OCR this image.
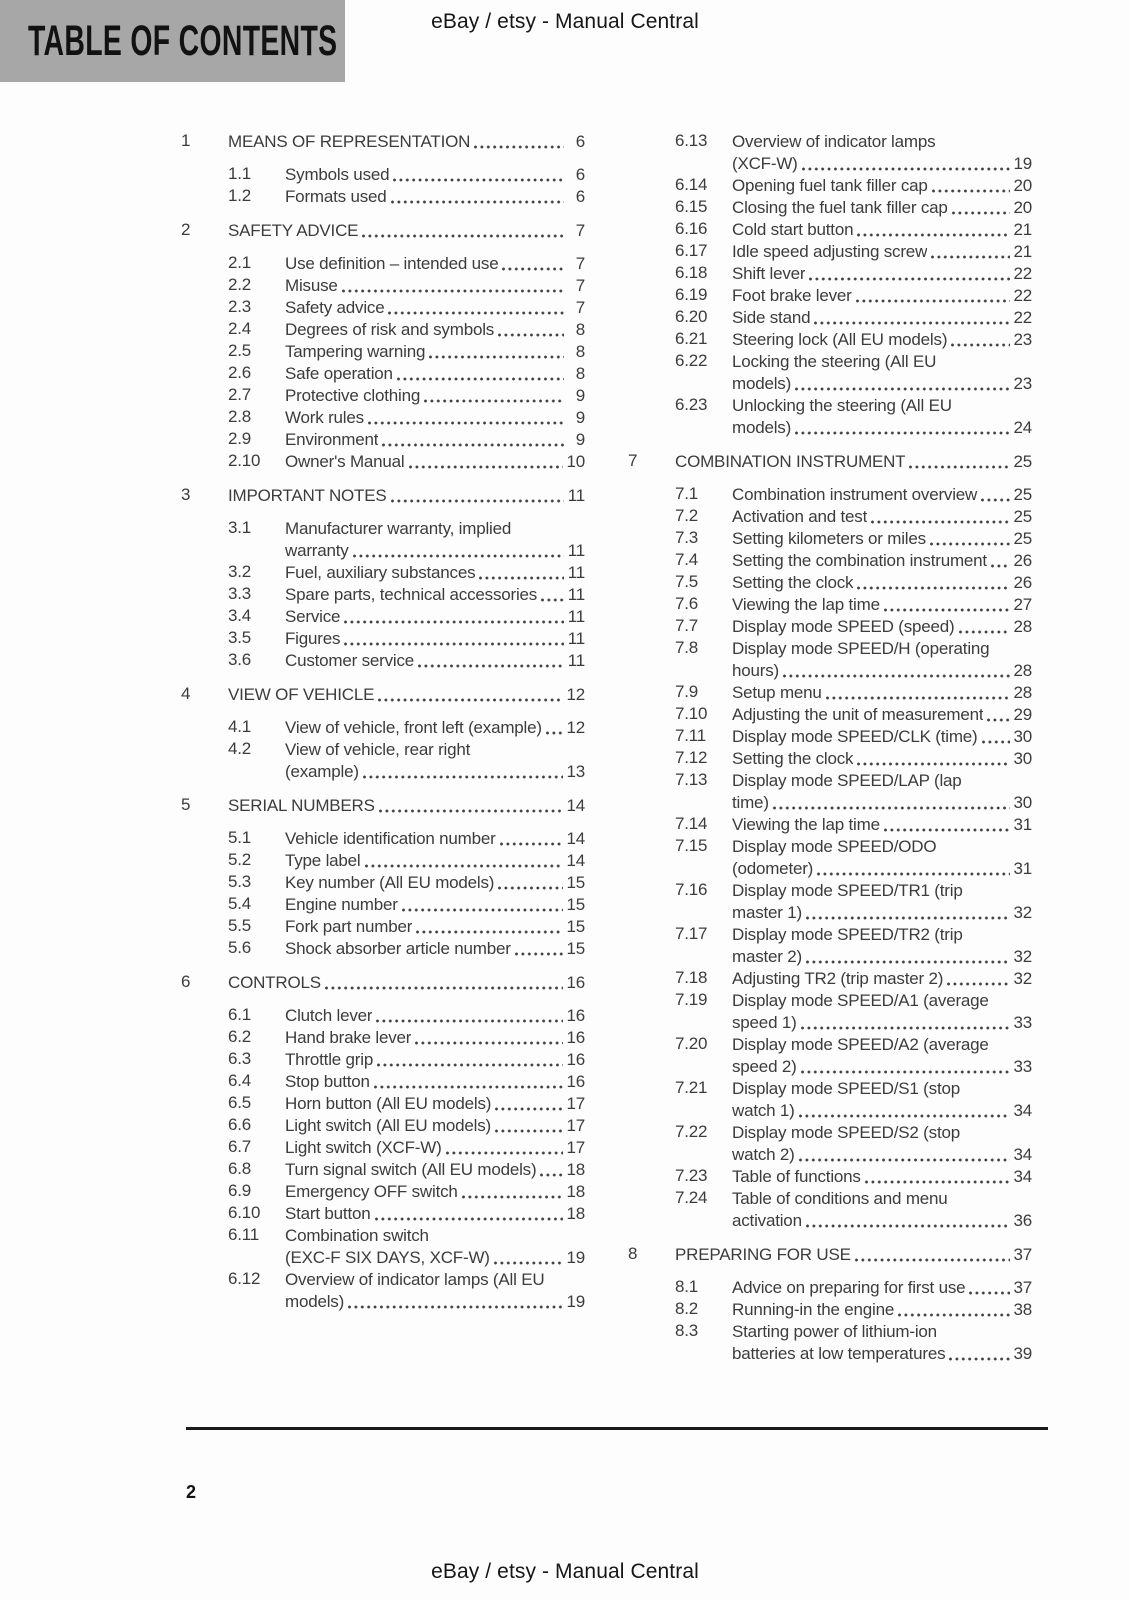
TABLE OF CONTENTS	eBay / etsy - Manual Central
1	MEANS OF REPRESENTATION	6
1.1	Symbols used	6
1.2	Formats used	6
2	SAFETY ADVICE	7
2.1	Use definition – intended use	7
2.2	Misuse	7
2.3	Safety advice	7
2.4	Degrees of risk and symbols	8
2.5	Tampering warning	8
2.6	Safe operation	8
2.7	Protective clothing	9
2.8	Work rules	9
2.9	Environment	9
2.10	Owner's Manual	10
3	IMPORTANT NOTES	11
3.1	Manufacturer warranty, implied
warranty	11
3.2	Fuel, auxiliary substances	11
3.3	Spare parts, technical accessories 11
3.4	Service	11
3.5	Figures	11
3.6	Customer service	11
4	VIEW OF VEHICLE	12
4.1	View of vehicle, front left (example) 12
4.2	View of vehicle, rear right
(example)	13
5	SERIAL NUMBERS	14
5.1	Vehicle identification number	14
5.2	Type label	14
5.3	Key number (All EU models)	15
5.4	Engine number	15
5.5	Fork part number	15
5.6	Shock absorber article number	15
6	CONTROLS	16
6.1	Clutch lever	16
6.2	Hand brake lever	16
6.3	Throttle grip	16
6.4	Stop button	16
6.5	Horn button (All EU models)	17
6.6	Light switch (All EU models)	17
6.7	Light switch (XCF-W)	17
6.8	Turn signal switch (All EU models) 18
6.9	Emergency OFF switch	18
6.10	Start button	18
6.11	Combination switch
(EXC-F SIX DAYS, XCF-W)	19
6.12	Overview of indicator lamps (All EU
models)	19
6.13	Overview of indicator lamps
(XCF-W)	19
6.14	Opening fuel tank filler cap	20
6.15	Closing the fuel tank filler cap	20
6.16	Cold start button	21
6.17	Idle speed adjusting screw	21
6.18	Shift lever	22
6.19	Foot brake lever	22
6.20	Side stand	22
6.21	Steering lock (All EU models)	23
6.22	Locking the steering (All EU
models)	23
6.23	Unlocking the steering (All EU
models)	24
7	COMBINATION INSTRUMENT	25
7.1	Combination instrument overview 25
7.2	Activation and test	25
7.3	Setting kilometers or miles	25
7.4	Setting the combination instrument 26
7.5	Setting the clock	26
7.6	Viewing the lap time	27
7.7	Display mode SPEED (speed)	28
7.8	Display mode SPEED/H (operating
hours)	28
7.9	Setup menu	28
7.10	Adjusting the unit of measurement 29
7.11	Display mode SPEED/CLK (time) 30
7.12	Setting the clock	30
7.13	Display mode SPEED/LAP (lap
time)	30
7.14	Viewing the lap time	31
7.15	Display mode SPEED/ODO
(odometer)	31
7.16	Display mode SPEED/TR1 (trip
master 1)	32
7.17	Display mode SPEED/TR2 (trip
master 2)	32
7.18	Adjusting TR2 (trip master 2)	32
7.19	Display mode SPEED/A1 (average
speed 1)	33
7.20	Display mode SPEED/A2 (average
speed 2)	33
7.21	Display mode SPEED/S1 (stop
watch 1)	34
7.22	Display mode SPEED/S2 (stop
watch 2)	34
7.23	Table of functions	34
7.24	Table of conditions and menu
activation	36
8	PREPARING FOR USE	37
8.1	Advice on preparing for first use	37
8.2	Running-in the engine	38
8.3	Starting power of lithium-ion
batteries at low temperatures	39
2
eBay / etsy - Manual Central
